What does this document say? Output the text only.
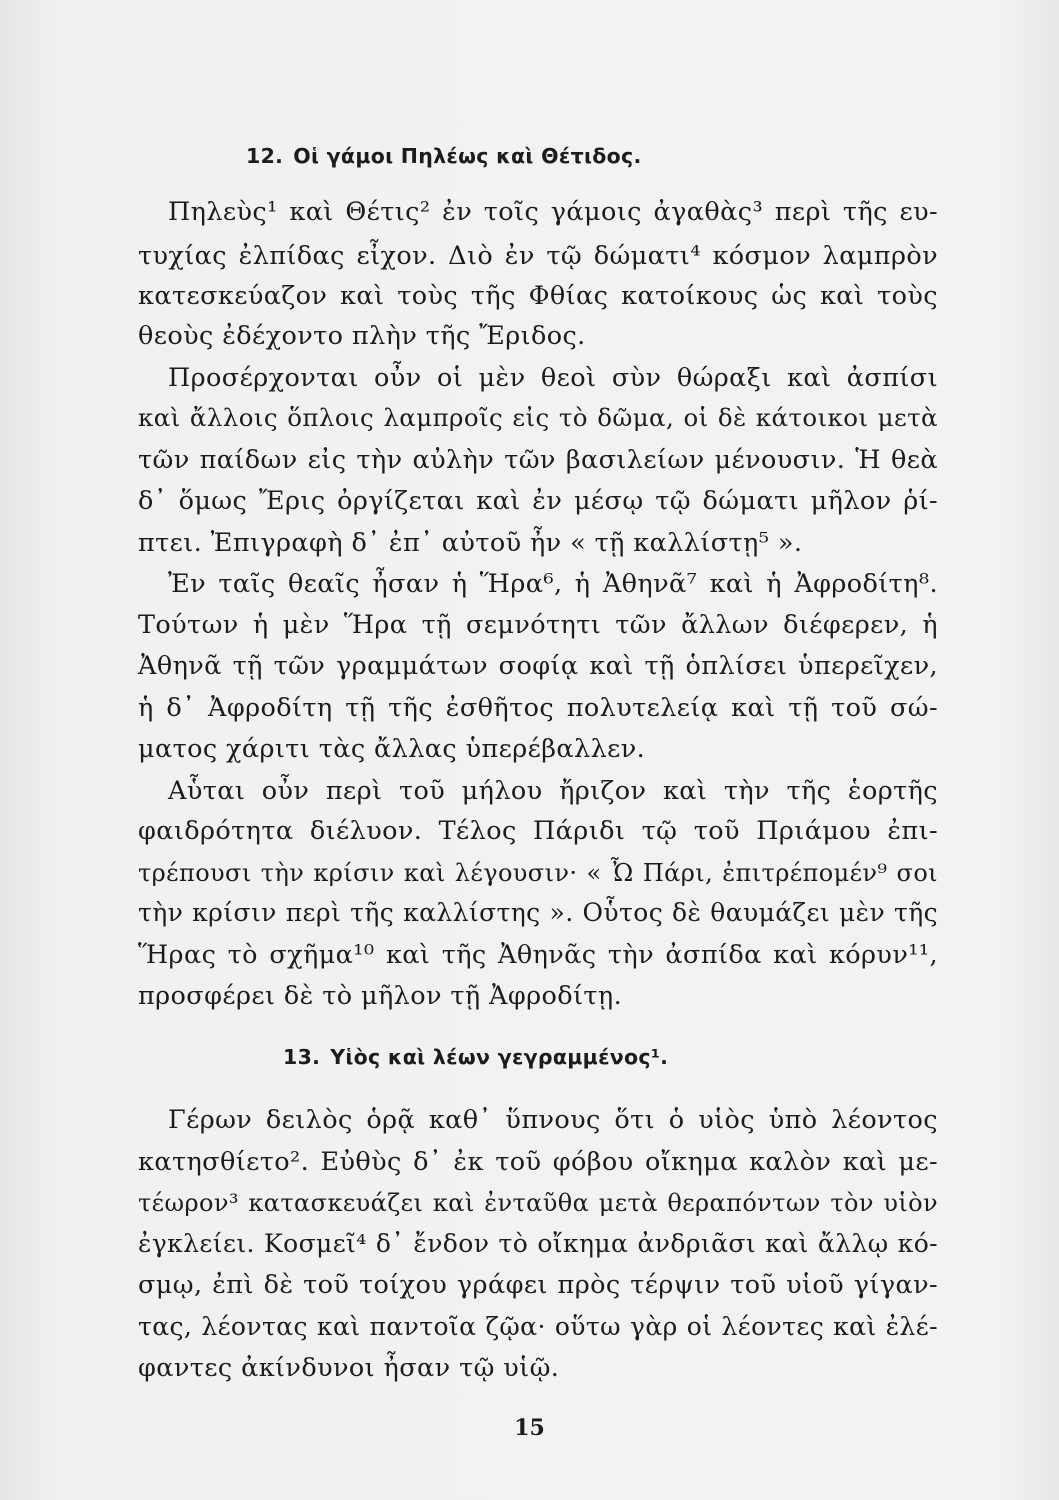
12. Οἱ γάμοι Πηλέως καὶ Θέτιδος.
Πηλεὺς¹ καὶ Θέτις² ἐν τοῖς γάμοις ἀγαθὰς³ περὶ τῆς ευ-
τυχίας ἐλπίδας εἶχον. Διὸ ἐν τῷ δώματι⁴ κόσμον λαμπρὸν
κατεσκεύαζον καὶ τοὺς τῆς Φθίας κατοίκους ὡς καὶ τοὺς
θεοὺς ἐδέχοντο πλὴν τῆς Ἔριδος.
Προσέρχονται οὖν οἱ μὲν θεοὶ σὺν θώραξι καὶ ἀσπίσι
καὶ ἄλλοις ὅπλοις λαμπροῖς εἰς τὸ δῶμα, οἱ δὲ κάτοικοι μετὰ
τῶν παίδων εἰς τὴν αὐλὴν τῶν βασιλείων μένουσιν. Ἡ θεὰ
δ᾽ ὅμως Ἔρις ὀργίζεται καὶ ἐν μέσῳ τῷ δώματι μῆλον ῥί-
πτει. Ἐπιγραφὴ δ᾽ ἐπ᾽ αὐτοῦ ἦν « τῇ καλλίστῃ⁵ ».
Ἐν ταῖς θεαῖς ἦσαν ἡ Ἥρα⁶, ἡ Ἀθηνᾶ⁷ καὶ ἡ Ἀφροδίτη⁸.
Τούτων ἡ μὲν Ἥρα τῇ σεμνότητι τῶν ἄλλων διέφερεν, ἡ
Ἀθηνᾶ τῇ τῶν γραμμάτων σοφίᾳ καὶ τῇ ὁπλίσει ὑπερεῖχεν,
ἡ δ᾽ Ἀφροδίτη τῇ τῆς ἐσθῆτος πολυτελείᾳ καὶ τῇ τοῦ σώ-
ματος χάριτι τὰς ἄλλας ὑπερέβαλλεν.
Αὗται οὖν περὶ τοῦ μήλου ἤριζον καὶ τὴν τῆς ἑορτῆς
φαιδρότητα διέλυον. Τέλος Πάριδι τῷ τοῦ Πριάμου ἐπι-
τρέπουσι τὴν κρίσιν καὶ λέγουσιν· « Ὦ Πάρι, ἐπιτρέπομέν⁹ σοι
τὴν κρίσιν περὶ τῆς καλλίστης ». Οὗτος δὲ θαυμάζει μὲν τῆς
Ἥρας τὸ σχῆμα¹⁰ καὶ τῆς Ἀθηνᾶς τὴν ἀσπίδα καὶ κόρυν¹¹,
προσφέρει δὲ τὸ μῆλον τῇ Ἀφροδίτῃ.
13. Υἱὸς καὶ λέων γεγραμμένος¹.
Γέρων δειλὸς ὁρᾷ καθ᾽ ὕπνους ὅτι ὁ υἱὸς ὑπὸ λέοντος
κατησθίετο². Εὐθὺς δ᾽ ἐκ τοῦ φόβου οἴκημα καλὸν καὶ με-
τέωρον³ κατασκευάζει καὶ ἐνταῦθα μετὰ θεραπόντων τὸν υἱὸν
ἐγκλείει. Κοσμεῖ⁴ δ᾽ ἔνδον τὸ οἴκημα ἀνδριᾶσι καὶ ἄλλῳ κό-
σμῳ, ἐπὶ δὲ τοῦ τοίχου γράφει πρὸς τέρψιν τοῦ υἱοῦ γίγαν-
τας, λέοντας καὶ παντοῖα ζῷα· οὕτω γὰρ οἱ λέοντες καὶ ἐλέ-
φαντες ἀκίνδυνοι ἦσαν τῷ υἱῷ.
15
